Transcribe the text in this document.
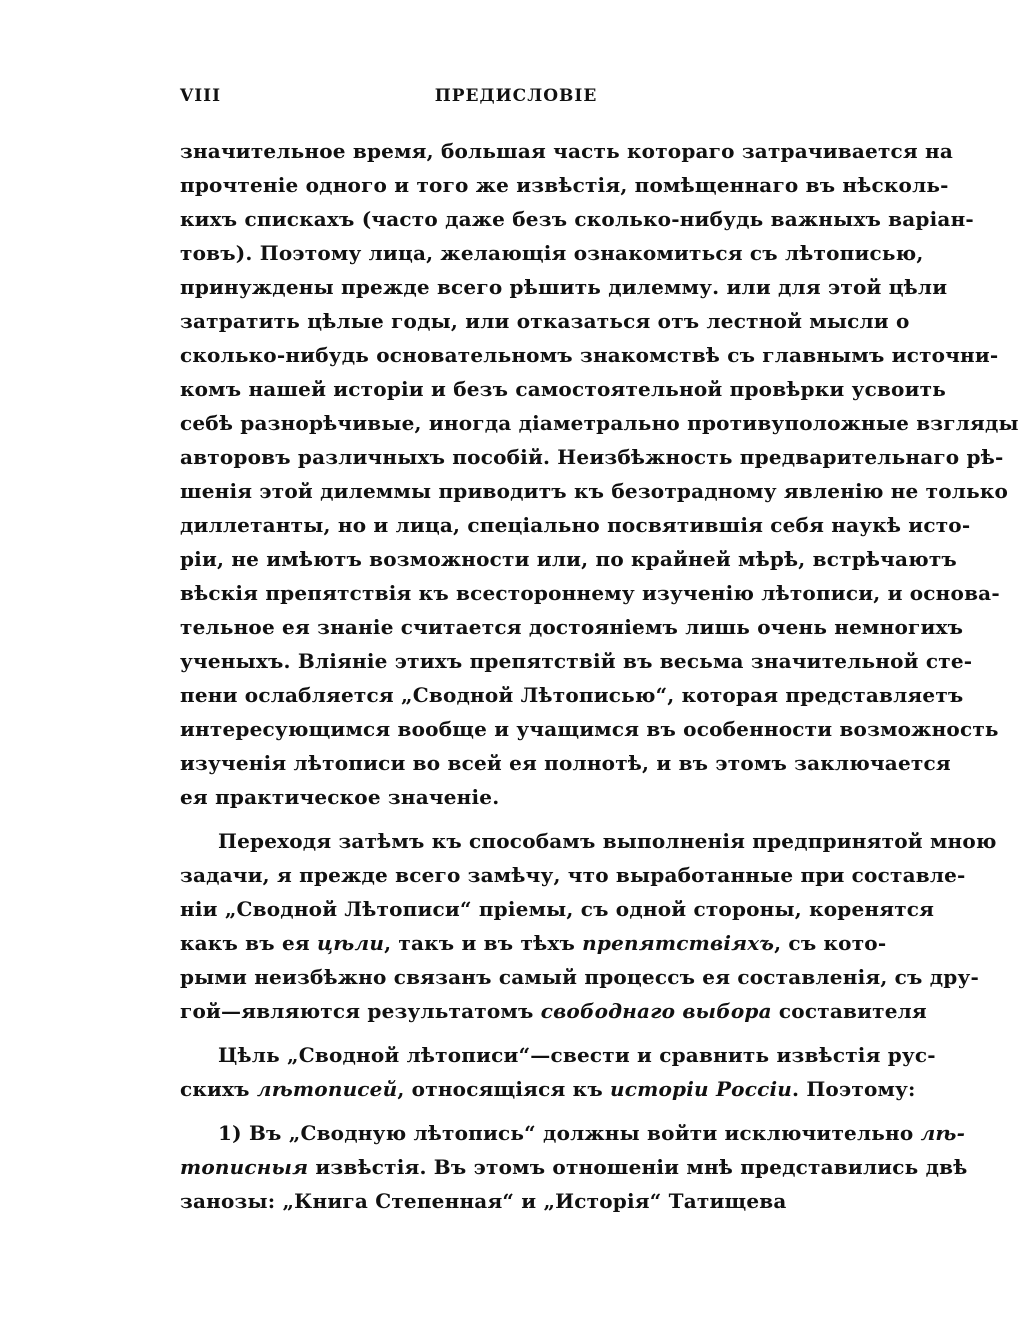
VIII	ПРЕДИСЛОВІЕ
значительное время, большая часть котораго затрачивается на
прочтеніе одного и того же извѣстія, помѣщеннаго въ нѣсколь-
кихъ спискахъ (часто даже безъ сколько-нибудь важныхъ варіан-
товъ). Поэтому лица, желающія ознакомиться съ лѣтописью,
принуждены прежде всего рѣшить дилемму. или для этой цѣли
затратить цѣлые годы, или отказаться отъ лестной мысли о
сколько-нибудь основательномъ знакомствѣ съ главнымъ источни-
комъ нашей исторіи и безъ самостоятельной провѣрки усвоить
себѣ разнорѣчивые, иногда діаметрально противуположные взгляды
авторовъ различныхъ пособій. Неизбѣжность предварительнаго рѣ-
шенія этой дилеммы приводитъ къ безотрадному явленію не только
диллетанты, но и лица, спеціально посвятившія себя наукѣ исто-
ріи, не имѣютъ возможности или, по крайней мѣрѣ, встрѣчаютъ
вѣскія препятствія къ всестороннему изученію лѣтописи, и основа-
тельное ея знаніе считается достояніемъ лишь очень немногихъ
ученыхъ. Вліяніе этихъ препятствій въ весьма значительной сте-
пени ослабляется „Сводной Лѣтописью“, которая представляетъ
интересующимся вообще и учащимся въ особенности возможность
изученія лѣтописи во всей ея полнотѣ, и въ этомъ заключается
ея практическое значеніе.
Переходя затѣмъ къ способамъ выполненія предпринятой мною
задачи, я прежде всего замѣчу, что выработанные при составле-
ніи „Сводной Лѣтописи“ пріемы, съ одной стороны, коренятся
какъ въ ея цѣли, такъ и въ тѣхъ препятствіяхъ, съ кото-
рыми неизбѣжно связанъ самый процессъ ея составленія, съ дру-
гой—являются результатомъ свободнаго выбора составителя
Цѣль „Сводной лѣтописи“—свести и сравнить извѣстія рус-
скихъ лѣтописей, относящіяся къ исторіи Россіи. Поэтому:
1) Въ „Сводную лѣтопись“ должны войти исключительно лѣ-
тописныя извѣстія. Въ этомъ отношеніи мнѣ представились двѣ
занозы: „Книга Степенная“ и „Исторія“ Татищева
